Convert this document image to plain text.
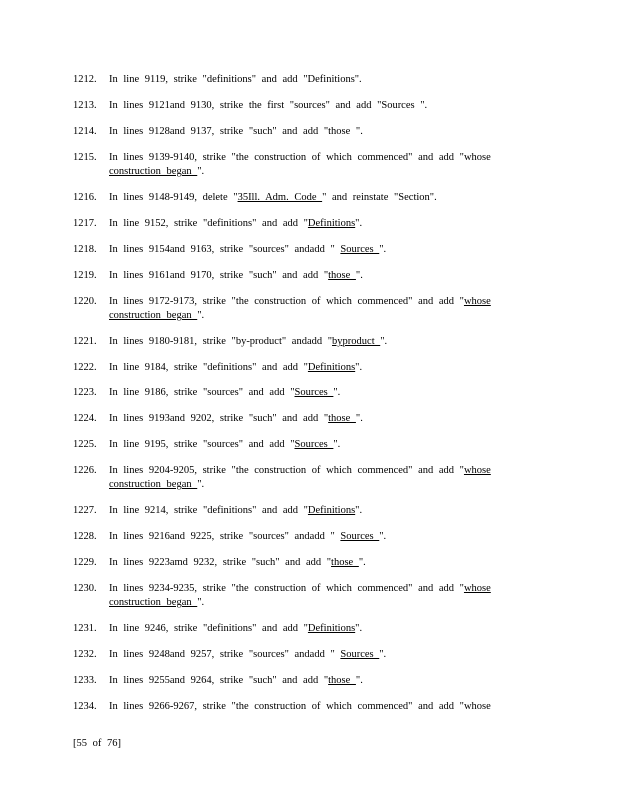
1212.	In line 9119, strike "definitions" and add "Definitions".
1213.	In lines 9121and 9130, strike the first "sources" and add "Sources ".
1214.	In lines 9128and 9137, strike "such" and add "those ".
1215.	In lines 9139-9140, strike "the construction of which commenced" and add "whose construction began ".
1216.	In lines 9148-9149, delete "35Ill. Adm. Code " and reinstate "Section".
1217.	In line 9152, strike "definitions" and add "Definitions".
1218.	In lines 9154and 9163, strike "sources" andadd " Sources ".
1219.	In lines 9161and 9170, strike "such" and add "those ".
1220.	In lines 9172-9173, strike "the construction of which commenced" and add "whose construction began ".
1221.	In lines 9180-9181, strike "by-product" andadd "byproduct ".
1222.	In line 9184, strike "definitions" and add "Definitions".
1223.	In line 9186, strike "sources" and add "Sources ".
1224.	In lines 9193and 9202, strike "such" and add "those ".
1225.	In line 9195, strike "sources" and add "Sources ".
1226.	In lines 9204-9205, strike "the construction of which commenced" and add "whose construction began ".
1227.	In line 9214, strike "definitions" and add "Definitions".
1228.	In lines 9216and 9225, strike "sources" andadd " Sources ".
1229.	In lines 9223amd 9232, strike "such" and add "those ".
1230.	In lines 9234-9235, strike "the construction of which commenced" and add "whose construction began ".
1231.	In line 9246, strike "definitions" and add "Definitions".
1232.	In lines 9248and 9257, strike "sources" andadd " Sources ".
1233.	In lines 9255and 9264, strike "such" and add "those ".
1234.	In lines 9266-9267, strike "the construction of which commenced" and add "whose
[55 of 76]
